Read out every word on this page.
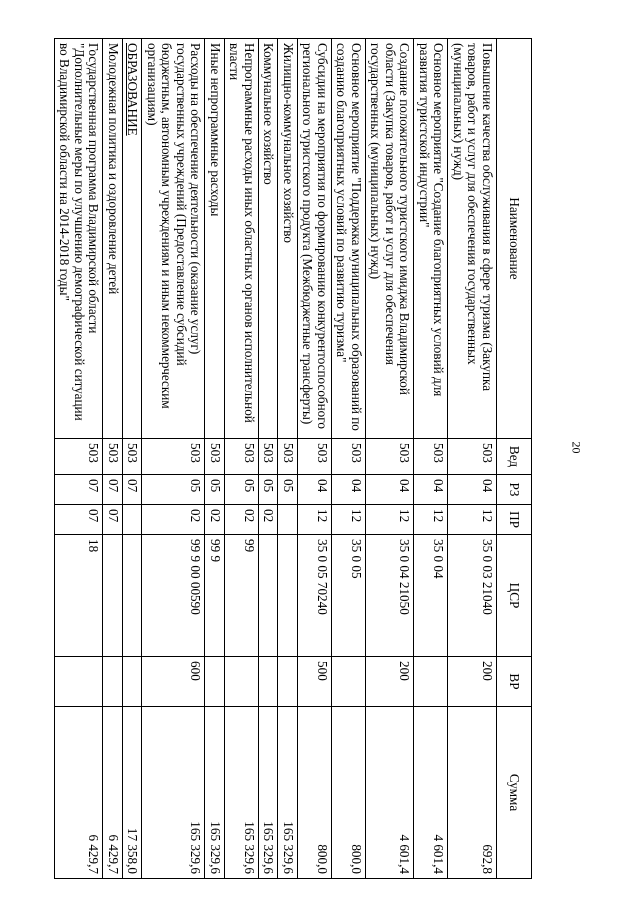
20
Наименование	Вед	РЗ	ПР	ЦСР	ВР	Сумма
Повышение качества обслуживания в сфере туризма (Закупка товаров, работ и услуг для обеспечения государственных (муниципальных) нужд)	503	04	12	35 0 03 21040	200	692,8
Основное мероприятие "Создание благоприятных условий для развития туристской индустрии"	503	04	12	35 0 04		4 601,4
Создание положительного туристского имиджа Владимирской области (Закупка товаров, работ и услуг для обеспечения государственных (муниципальных) нужд)	503	04	12	35 0 04 21050	200	4 601,4
Основное мероприятие "Поддержка муниципальных образований по созданию благоприятных условий по развитию туризма"	503	04	12	35 0 05		800,0
Субсидии на мероприятия по формированию конкурентоспособного регионального туристского продукта (Межбюджетные трансферты)	503	04	12	35 0 05 70240	500	800,0
Жилищно-коммунальное хозяйство	503	05				165 329,6
Коммунальное хозяйство	503	05	02			165 329,6
Непрограммные расходы иных областных органов исполнительной власти	503	05	02	99		165 329,6
Иные непрограммные расходы	503	05	02	99 9		165 329,6
Расходы на обеспечение деятельности (оказание услуг) государственных учреждений (Предоставление субсидий бюджетным, автономным учреждениям и иным некоммерческим организациям)	503	05	02	99 9 00 00590	600	165 329,6
ОБРАЗОВАНИЕ	503	07				17 358,0
Молодежная политика и оздоровление детей	503	07	07			6 429,7
Государственная программа Владимирской области "Дополнительные меры по улучшению демографической ситуации во Владимирской области на 2014-2018 годы"	503	07	07	18		6 429,7
